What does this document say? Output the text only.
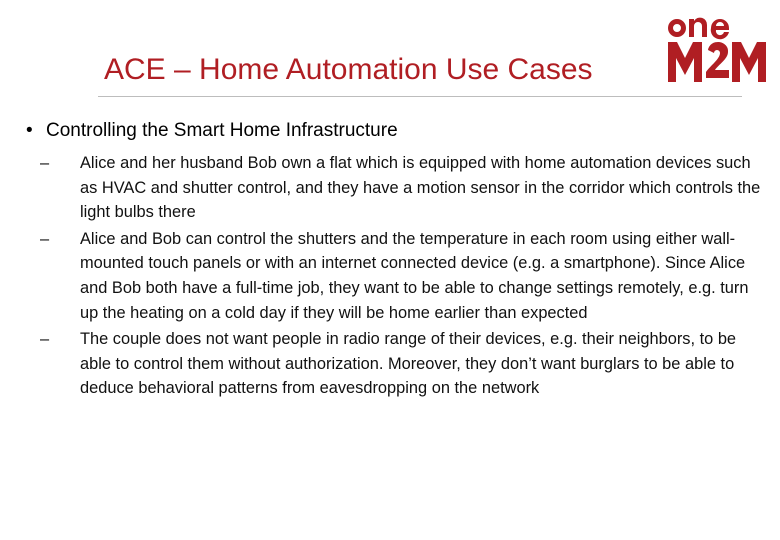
ACE – Home Automation Use Cases
• Controlling the Smart Home Infrastructure
– Alice and her husband Bob own a flat which is equipped with home automation devices such as HVAC and shutter control, and they have a motion sensor in the corridor which controls the light bulbs there
– Alice and Bob can control the shutters and the temperature in each room using either wall-mounted touch panels or with an internet connected device (e.g. a smartphone). Since Alice and Bob both have a full-time job, they want to be able to change settings remotely, e.g. turn up the heating on a cold day if they will be home earlier than expected
– The couple does not want people in radio range of their devices, e.g. their neighbors, to be able to control them without authorization. Moreover, they don’t want burglars to be able to deduce behavioral patterns from eavesdropping on the network
